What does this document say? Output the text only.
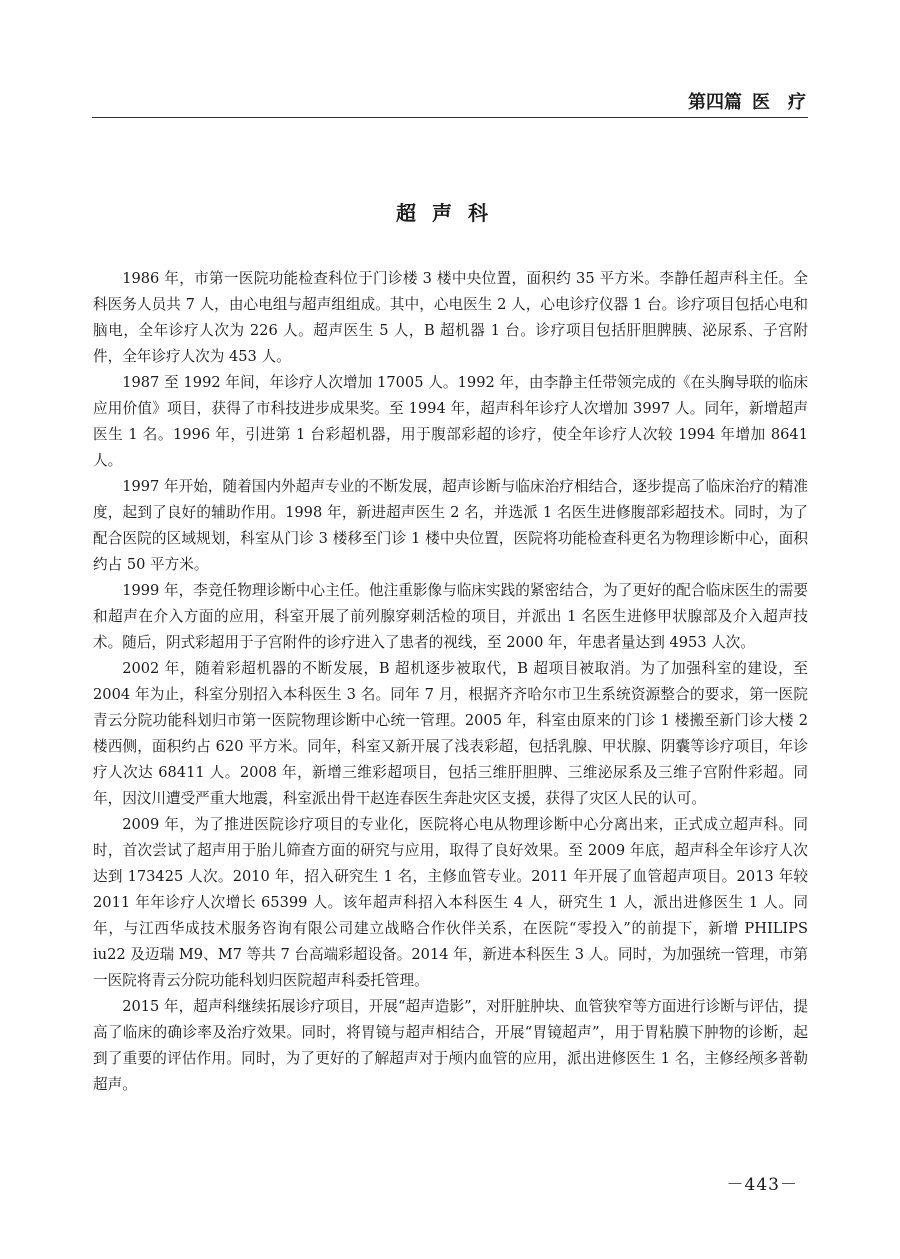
第四篇 医　疗
超声科

1986 年，市第一医院功能检查科位于门诊楼 3 楼中央位置，面积约 35 平方米。李静任超声科主任。全科医务人员共 7 人，由心电组与超声组组成。其中，心电医生 2 人，心电诊疗仪器 1 台。诊疗项目包括心电和脑电，全年诊疗人次为 226 人。超声医生 5 人，B 超机器 1 台。诊疗项目包括肝胆脾胰、泌尿系、子宫附件，全年诊疗人次为 453 人。

1987 至 1992 年间，年诊疗人次增加 17005 人。1992 年，由李静主任带领完成的《在头胸导联的临床应用价值》项目，获得了市科技进步成果奖。至 1994 年，超声科年诊疗人次增加 3997 人。同年，新增超声医生 1 名。1996 年，引进第 1 台彩超机器，用于腹部彩超的诊疗，使全年诊疗人次较 1994 年增加 8641 人。

1997 年开始，随着国内外超声专业的不断发展，超声诊断与临床治疗相结合，逐步提高了临床治疗的精准度，起到了良好的辅助作用。1998 年，新进超声医生 2 名，并选派 1 名医生进修腹部彩超技术。同时，为了配合医院的区域规划，科室从门诊 3 楼移至门诊 1 楼中央位置，医院将功能检查科更名为物理诊断中心，面积约占 50 平方米。

1999 年，李竞任物理诊断中心主任。他注重影像与临床实践的紧密结合，为了更好的配合临床医生的需要和超声在介入方面的应用，科室开展了前列腺穿刺活检的项目，并派出 1 名医生进修甲状腺部及介入超声技术。随后，阴式彩超用于子宫附件的诊疗进入了患者的视线，至 2000 年，年患者量达到 4953 人次。

2002 年，随着彩超机器的不断发展，B 超机逐步被取代，B 超项目被取消。为了加强科室的建设，至 2004 年为止，科室分别招入本科医生 3 名。同年 7 月，根据齐齐哈尔市卫生系统资源整合的要求，第一医院青云分院功能科划归市第一医院物理诊断中心统一管理。2005 年，科室由原来的门诊 1 楼搬至新门诊大楼 2 楼西侧，面积约占 620 平方米。同年，科室又新开展了浅表彩超，包括乳腺、甲状腺、阴囊等诊疗项目，年诊疗人次达 68411 人。2008 年，新增三维彩超项目，包括三维肝胆脾、三维泌尿系及三维子宫附件彩超。同年，因汶川遭受严重大地震，科室派出骨干赵连春医生奔赴灾区支援，获得了灾区人民的认可。

2009 年，为了推进医院诊疗项目的专业化，医院将心电从物理诊断中心分离出来，正式成立超声科。同时，首次尝试了超声用于胎儿筛查方面的研究与应用，取得了良好效果。至 2009 年底，超声科全年诊疗人次达到 173425 人次。2010 年，招入研究生 1 名，主修血管专业。2011 年开展了血管超声项目。2013 年较 2011 年年诊疗人次增长 65399 人。该年超声科招入本科医生 4 人，研究生 1 人，派出进修医生 1 人。同年，与江西华成技术服务咨询有限公司建立战略合作伙伴关系，在医院“零投入”的前提下，新增 PHILIPS iu22 及迈瑞 M9、M7 等共 7 台高端彩超设备。2014 年，新进本科医生 3 人。同时，为加强统一管理，市第一医院将青云分院功能科划归医院超声科委托管理。

2015 年，超声科继续拓展诊疗项目，开展“超声造影”，对肝脏肿块、血管狭窄等方面进行诊断与评估，提高了临床的确诊率及治疗效果。同时，将胃镜与超声相结合，开展“胃镜超声”，用于胃粘膜下肿物的诊断，起到了重要的评估作用。同时，为了更好的了解超声对于颅内血管的应用，派出进修医生 1 名，主修经颅多普勒超声。

－443－
